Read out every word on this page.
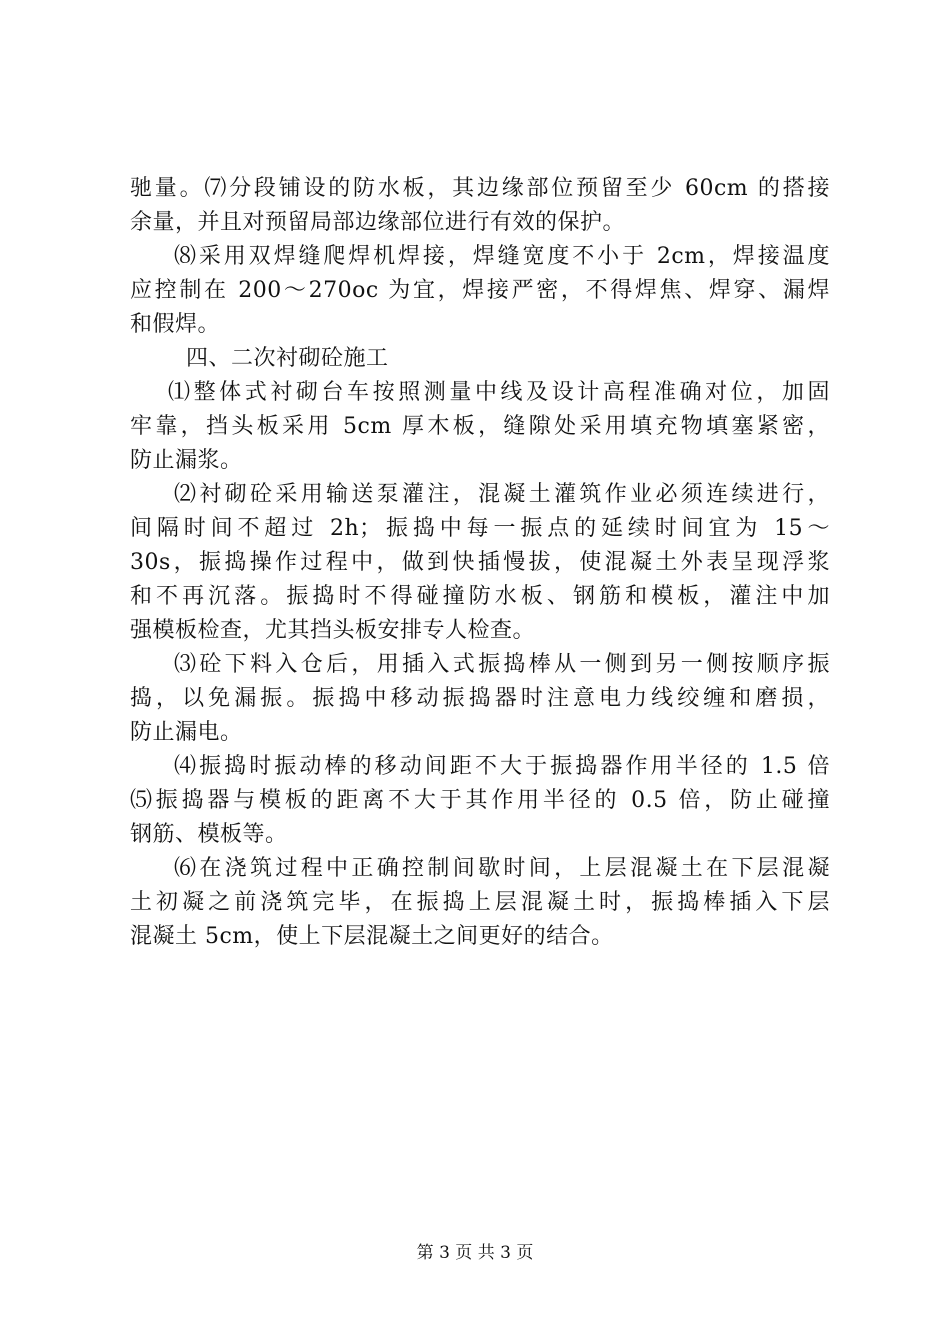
驰量。⑺分段铺设的防水板，其边缘部位预留至少 60cm 的搭接
余量，并且对预留局部边缘部位进行有效的保护。
⑻采用双焊缝爬焊机焊接，焊缝宽度不小于 2cm，焊接温度
应控制在 200～270oc 为宜，焊接严密，不得焊焦、焊穿、漏焊
和假焊。
四、二次衬砌砼施工
⑴整体式衬砌台车按照测量中线及设计高程准确对位，加固
牢靠，挡头板采用 5cm 厚木板，缝隙处采用填充物填塞紧密，
防止漏浆。
⑵衬砌砼采用输送泵灌注，混凝土灌筑作业必须连续进行，
间隔时间不超过 2h；振捣中每一振点的延续时间宜为 15～
30s，振捣操作过程中，做到快插慢拔，使混凝土外表呈现浮浆
和不再沉落。振捣时不得碰撞防水板、钢筋和模板，灌注中加
强模板检查，尤其挡头板安排专人检查。
⑶砼下料入仓后，用插入式振捣棒从一侧到另一侧按顺序振
捣，以免漏振。振捣中移动振捣器时注意电力线绞缠和磨损，
防止漏电。
⑷振捣时振动棒的移动间距不大于振捣器作用半径的 1.5 倍
⑸振捣器与模板的距离不大于其作用半径的 0.5 倍，防止碰撞
钢筋、模板等。
⑹在浇筑过程中正确控制间歇时间，上层混凝土在下层混凝
土初凝之前浇筑完毕，在振捣上层混凝土时，振捣棒插入下层
混凝土 5cm，使上下层混凝土之间更好的结合。
第 3 页 共 3 页
